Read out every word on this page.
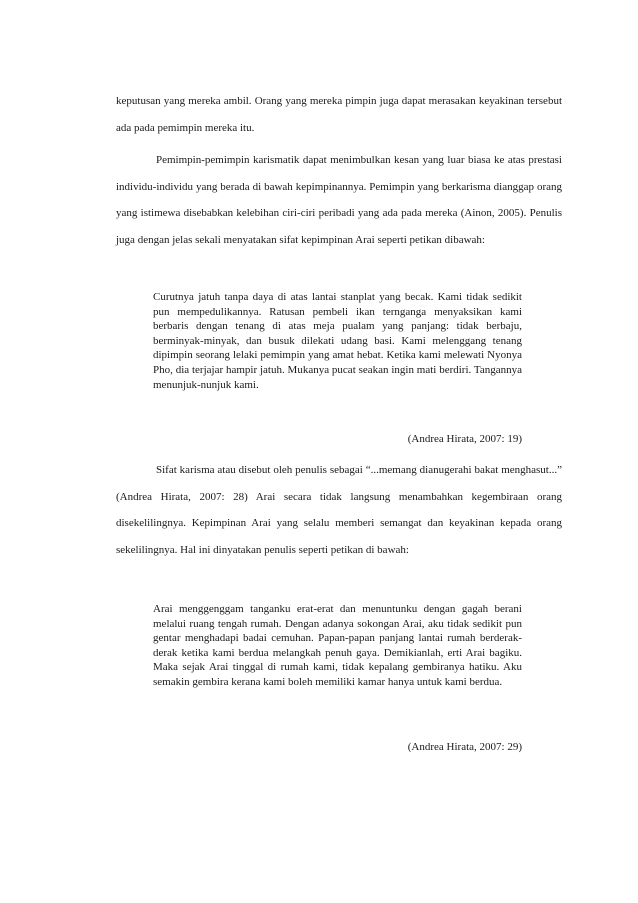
keputusan yang mereka ambil. Orang yang mereka pimpin juga dapat merasakan keyakinan tersebut ada pada pemimpin mereka itu.

Pemimpin-pemimpin karismatik dapat menimbulkan kesan yang luar biasa ke atas prestasi individu-individu yang berada di bawah kepimpinannya. Pemimpin yang berkarisma dianggap orang yang istimewa disebabkan kelebihan ciri-ciri peribadi yang ada pada mereka (Ainon, 2005). Penulis juga dengan jelas sekali menyatakan sifat kepimpinan Arai seperti petikan dibawah:

Curutnya jatuh tanpa daya di atas lantai stanplat yang becak. Kami tidak sedikit pun mempedulikannya. Ratusan pembeli ikan ternganga menyaksikan kami berbaris dengan tenang di atas meja pualam yang panjang: tidak berbaju, berminyak-minyak, dan busuk dilekati udang basi. Kami melenggang tenang dipimpin seorang lelaki pemimpin yang amat hebat. Ketika kami melewati Nyonya Pho, dia terjajar hampir jatuh. Mukanya pucat seakan ingin mati berdiri. Tangannya menunjuk-nunjuk kami.

(Andrea Hirata, 2007: 19)

Sifat karisma atau disebut oleh penulis sebagai “...memang dianugerahi bakat menghasut...” (Andrea Hirata, 2007: 28) Arai secara tidak langsung menambahkan kegembiraan orang disekelilingnya. Kepimpinan Arai yang selalu memberi semangat dan keyakinan kepada orang sekelilingnya. Hal ini dinyatakan penulis seperti petikan di bawah:

Arai menggenggam tanganku erat-erat dan menuntunku dengan gagah berani melalui ruang tengah rumah. Dengan adanya sokongan Arai, aku tidak sedikit pun gentar menghadapi badai cemuhan. Papan-papan panjang lantai rumah berderak-derak ketika kami berdua melangkah penuh gaya. Demikianlah, erti Arai bagiku. Maka sejak Arai tinggal di rumah kami, tidak kepalang gembiranya hatiku. Aku semakin gembira kerana kami boleh memiliki kamar hanya untuk kami berdua.

(Andrea Hirata, 2007: 29)
